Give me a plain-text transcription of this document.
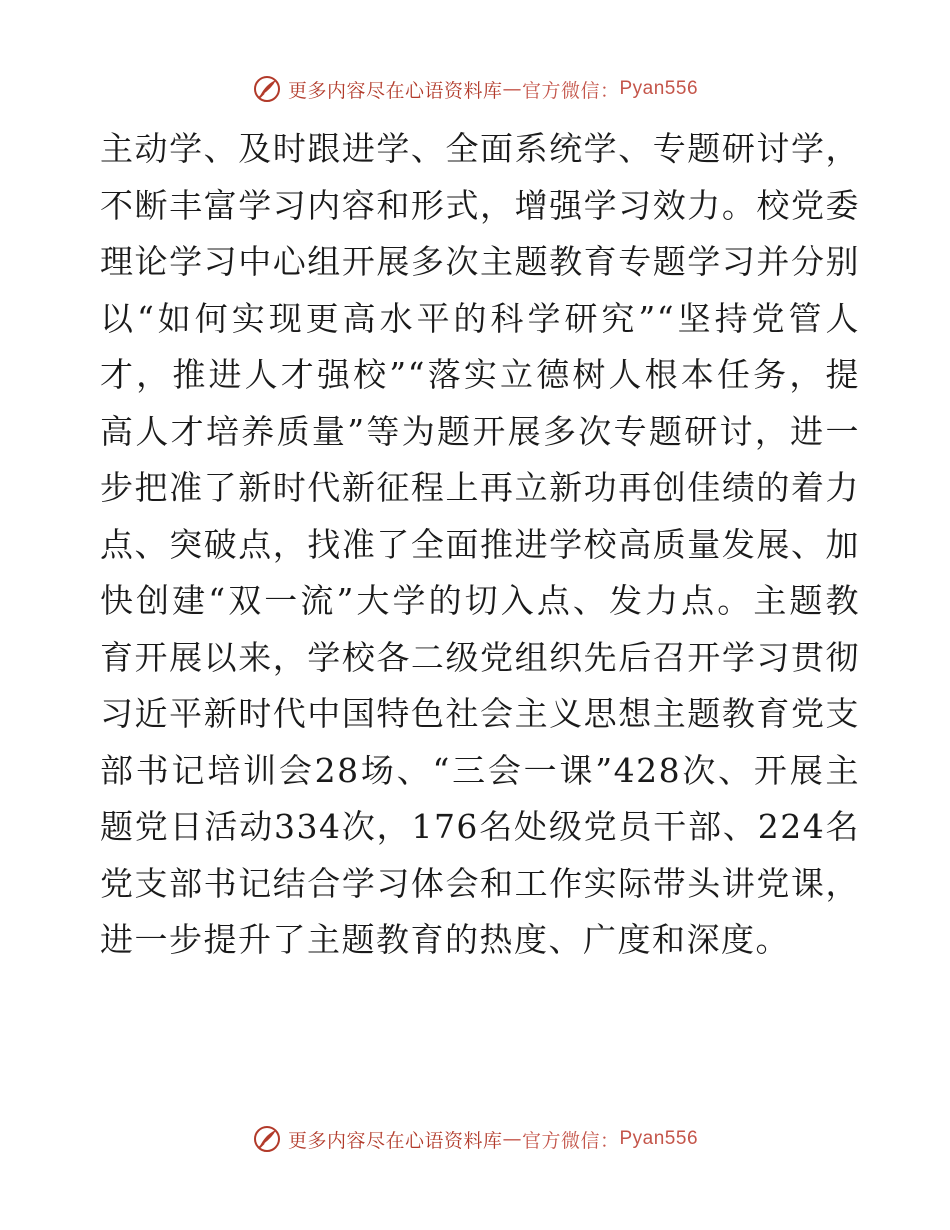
更多内容尽在心语资料库 — 官方微信： Pyan556

主动学、及时跟进学、全面系统学、专题研讨学，不断丰富学习内容和形式，增强学习效力。校党委理论学习中心组开展多次主题教育专题学习并分别以“如何实现更高水平的科学研究”“坚持党管人才，推进人才强校”“落实立德树人根本任务，提高人才培养质量”等为题开展多次专题研讨，进一步把准了新时代新征程上再立新功再创佳绩的着力点、突破点，找准了全面推进学校高质量发展、加快创建“双一流”大学的切入点、发力点。主题教育开展以来，学校各二级党组织先后召开学习贯彻习近平新时代中国特色社会主义思想主题教育党支部书记培训会28场、“三会一课”428次、开展主题党日活动334次，176名处级党员干部、224名党支部书记结合学习体会和工作实际带头讲党课，进一步提升了主题教育的热度、广度和深度。

更多内容尽在心语资料库 — 官方微信： Pyan556
